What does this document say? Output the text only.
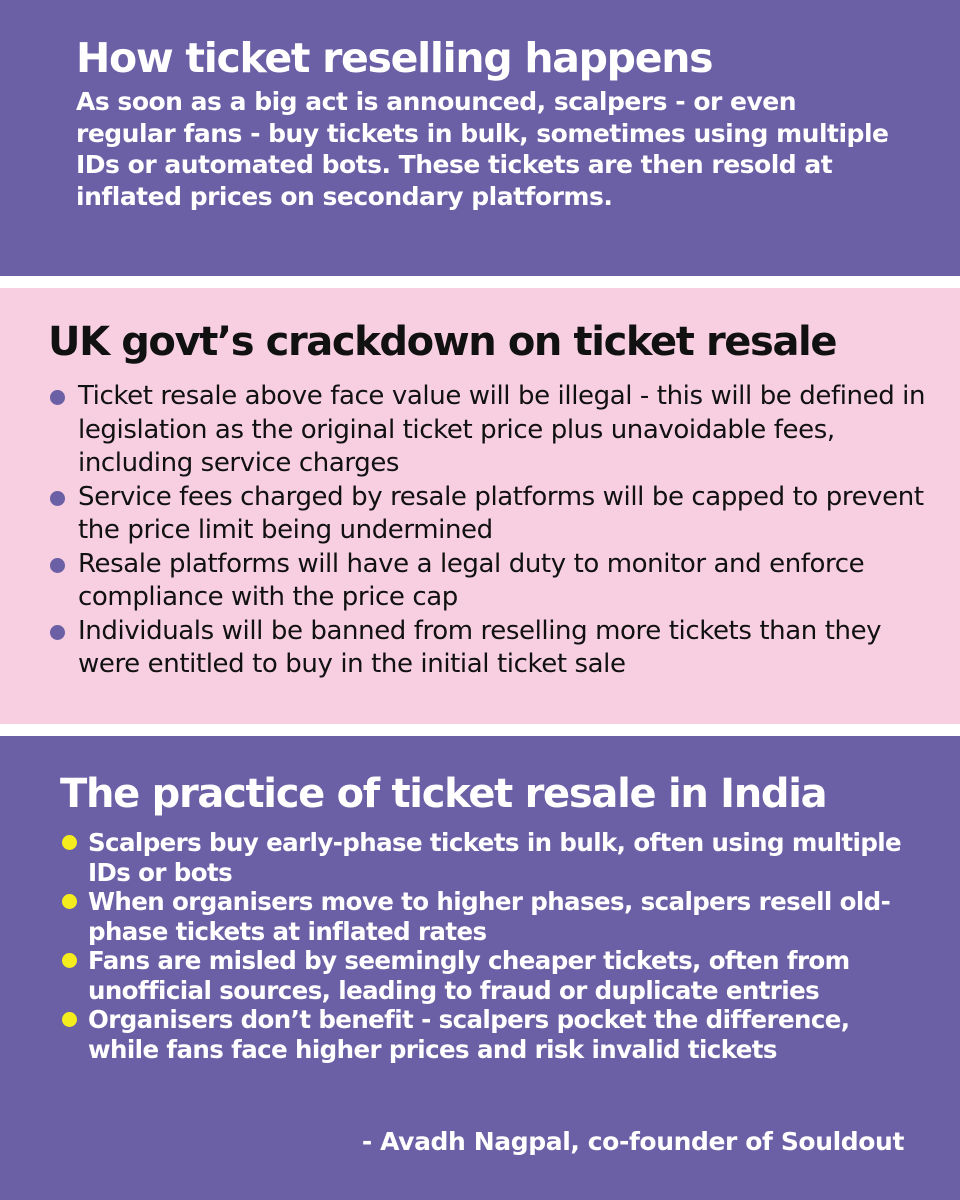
How ticket reselling happens

As soon as a big act is announced, scalpers - or even regular fans - buy tickets in bulk, sometimes using multiple IDs or automated bots. These tickets are then resold at inflated prices on secondary platforms.

UK govt’s crackdown on ticket resale
Ticket resale above face value will be illegal - this will be defined in legislation as the original ticket price plus unavoidable fees, including service charges
Service fees charged by resale platforms will be capped to prevent the price limit being undermined
Resale platforms will have a legal duty to monitor and enforce compliance with the price cap
Individuals will be banned from reselling more tickets than they were entitled to buy in the initial ticket sale
The practice of ticket resale in India
Scalpers buy early-phase tickets in bulk, often using multiple IDs or bots
When organisers move to higher phases, scalpers resell old-phase tickets at inflated rates
Fans are misled by seemingly cheaper tickets, often from unofficial sources, leading to fraud or duplicate entries
Organisers don’t benefit - scalpers pocket the difference, while fans face higher prices and risk invalid tickets
- Avadh Nagpal, co-founder of Souldout
